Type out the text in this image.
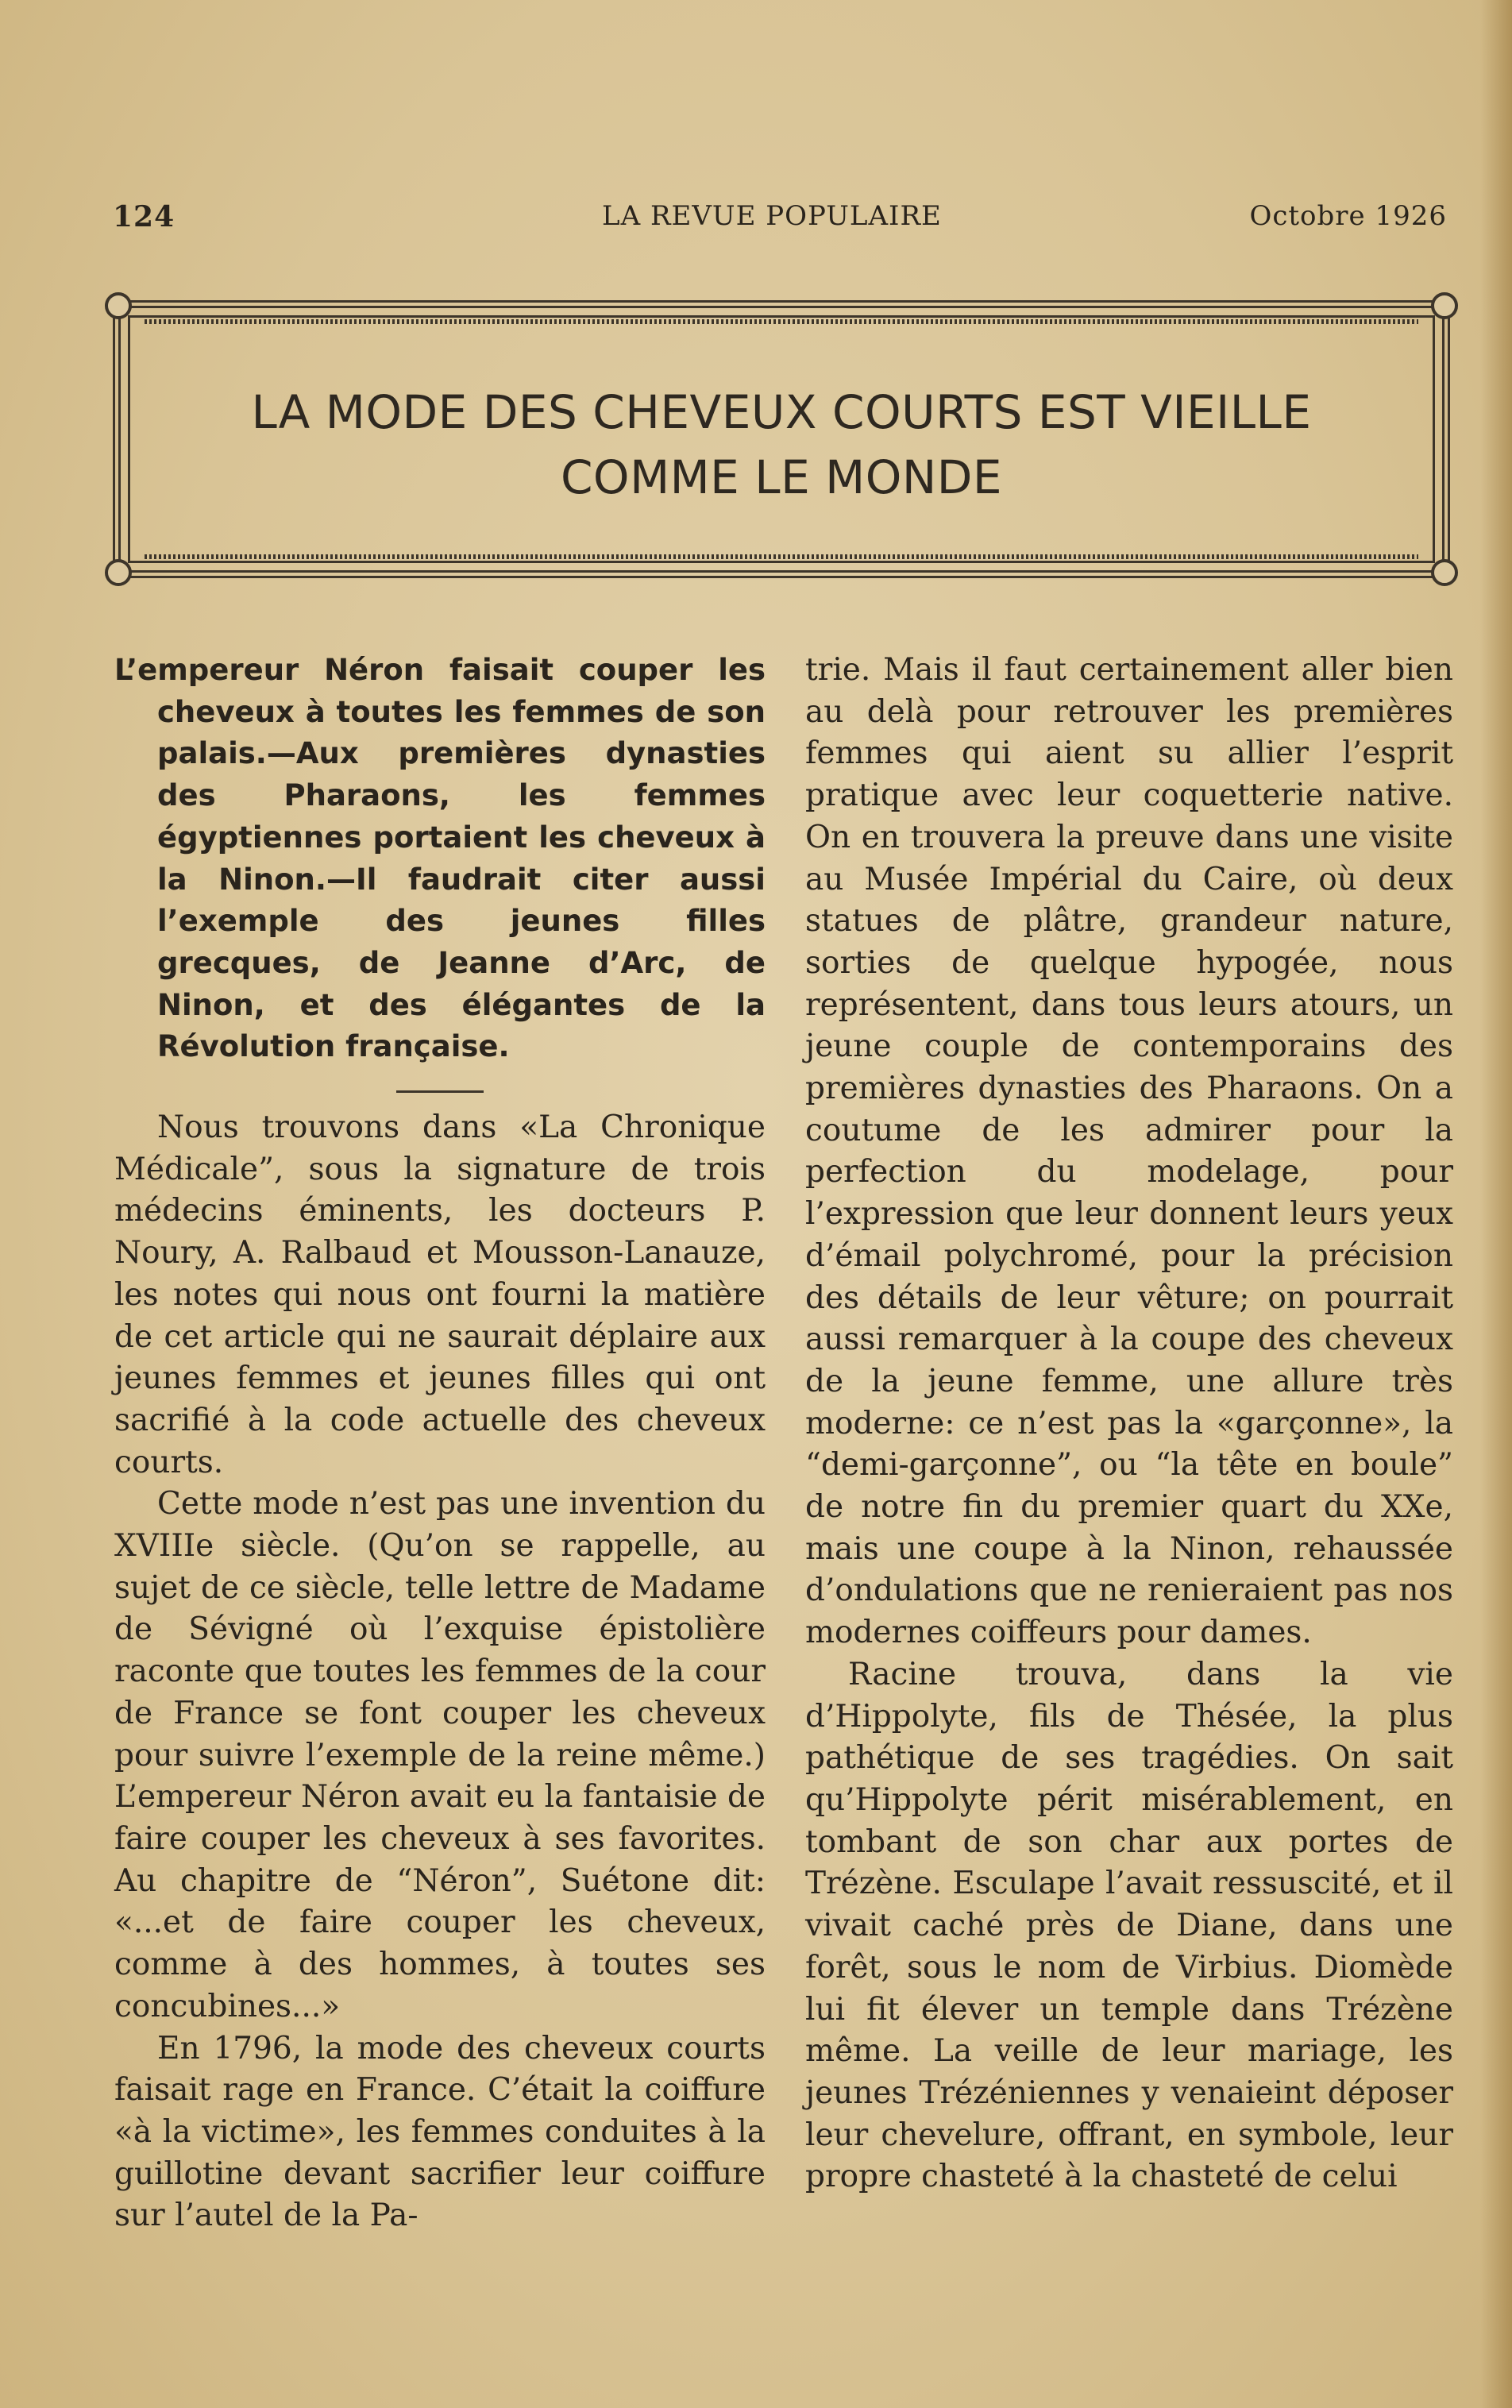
124	LA REVUE POPULAIRE	Octobre 1926
LA MODE DES CHEVEUX COURTS EST VIEILLE COMME LE MONDE

L’empereur Néron faisait couper les cheveux à toutes les femmes de son palais.—Aux premières dynasties des Pharaons, les femmes égyptiennes portaient les cheveux à la Ninon.—Il faudrait citer aussi l’exemple des jeunes filles grecques, de Jeanne d’Arc, de Ninon, et des élégantes de la Révolution française.

Nous trouvons dans «La Chronique Médicale”, sous la signature de trois médecins éminents, les docteurs P. Noury, A. Ralbaud et Mousson-Lanauze, les notes qui nous ont fourni la matière de cet article qui ne saurait déplaire aux jeunes femmes et jeunes filles qui ont sacrifié à la code actuelle des cheveux courts.

Cette mode n’est pas une invention du XVIIIe siècle. (Qu’on se rappelle, au sujet de ce siècle, telle lettre de Madame de Sévigné où l’exquise épistolière raconte que toutes les femmes de la cour de France se font couper les cheveux pour suivre l’exemple de la reine même.) L’empereur Néron avait eu la fantaisie de faire couper les cheveux à ses favorites. Au chapitre de “Néron”, Suétone dit: «...et de faire couper les cheveux, comme à des hommes, à toutes ses concubines...»

En 1796, la mode des cheveux courts faisait rage en France. C’était la coiffure «à la victime», les femmes conduites à la guillotine devant sacrifier leur coiffure sur l’autel de la Pa-

trie. Mais il faut certainement aller bien au delà pour retrouver les premières femmes qui aient su allier l’esprit pratique avec leur coquetterie native. On en trouvera la preuve dans une visite au Musée Impérial du Caire, où deux statues de plâtre, grandeur nature, sorties de quelque hypogée, nous représentent, dans tous leurs atours, un jeune couple de contemporains des premières dynasties des Pharaons. On a coutume de les admirer pour la perfection du modelage, pour l’expression que leur donnent leurs yeux d’émail polychromé, pour la précision des détails de leur vêture; on pourrait aussi remarquer à la coupe des cheveux de la jeune femme, une allure très moderne: ce n’est pas la «garçonne», la “demi-garçonne”, ou “la tête en boule” de notre fin du premier quart du XXe, mais une coupe à la Ninon, rehaussée d’ondulations que ne renieraient pas nos modernes coiffeurs pour dames.

Racine trouva, dans la vie d’Hippolyte, fils de Thésée, la plus pathétique de ses tragédies. On sait qu’Hippolyte périt misérablement, en tombant de son char aux portes de Trézène. Esculape l’avait ressuscité, et il vivait caché près de Diane, dans une forêt, sous le nom de Virbius. Diomède lui fit élever un temple dans Trézène même. La veille de leur mariage, les jeunes Trézéniennes y venaieint déposer leur chevelure, offrant, en symbole, leur propre chasteté à la chasteté de celui
